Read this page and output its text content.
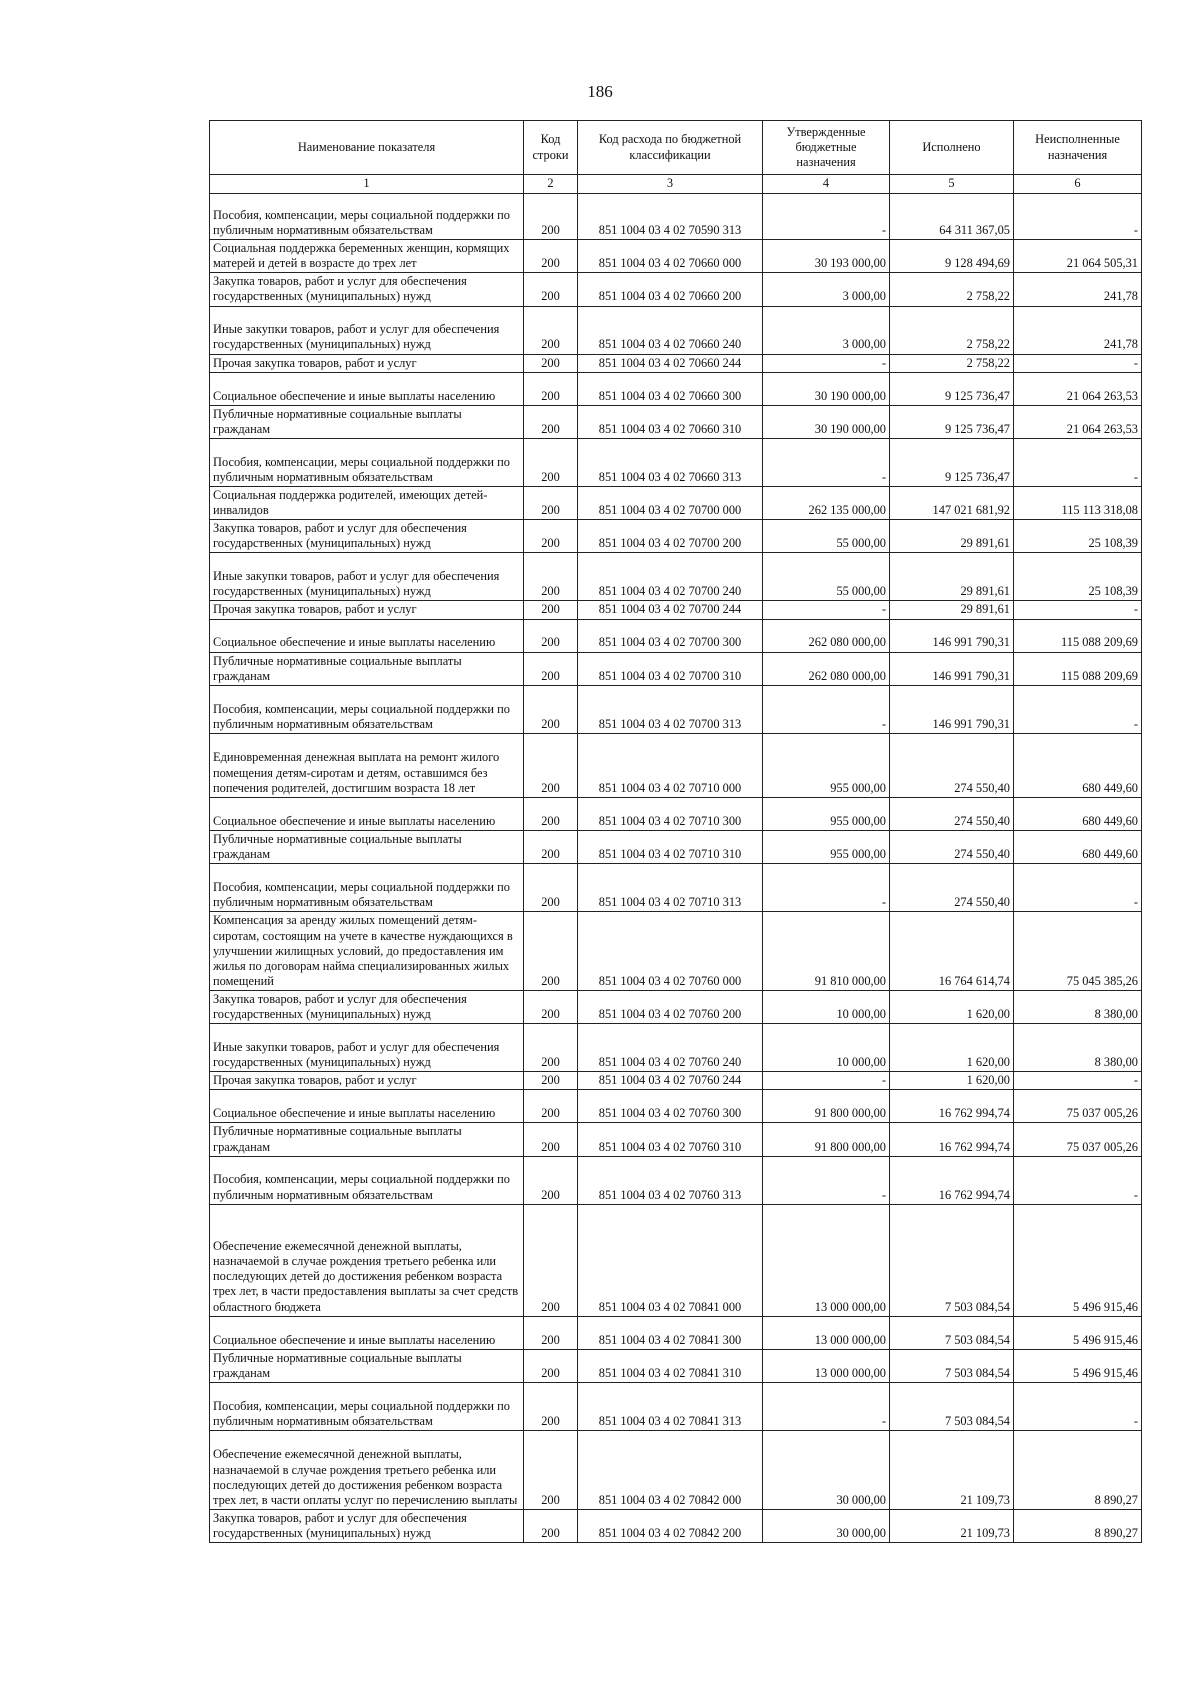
186
Наименование показателя	Код строки	Код расхода по бюджетной классификации	Утвержденные бюджетные назначения	Исполнено	Неисполненные назначения
1	2	3	4	5	6
Пособия, компенсации, меры социальной поддержки по публичным нормативным обязательствам	200	851 1004 03 4 02 70590 313	-	64 311 367,05	-
Социальная поддержка беременных женщин, кормящих матерей и детей в возрасте до трех лет	200	851 1004 03 4 02 70660 000	30 193 000,00	9 128 494,69	21 064 505,31
Закупка товаров, работ и услуг для обеспечения государственных (муниципальных) нужд	200	851 1004 03 4 02 70660 200	3 000,00	2 758,22	241,78
Иные закупки товаров, работ и услуг для обеспечения государственных (муниципальных) нужд	200	851 1004 03 4 02 70660 240	3 000,00	2 758,22	241,78
Прочая закупка товаров, работ и услуг	200	851 1004 03 4 02 70660 244	-	2 758,22	-
Социальное обеспечение и иные выплаты населению	200	851 1004 03 4 02 70660 300	30 190 000,00	9 125 736,47	21 064 263,53
Публичные нормативные социальные выплаты гражданам	200	851 1004 03 4 02 70660 310	30 190 000,00	9 125 736,47	21 064 263,53
Пособия, компенсации, меры социальной поддержки по публичным нормативным обязательствам	200	851 1004 03 4 02 70660 313	-	9 125 736,47	-
Социальная поддержка родителей, имеющих детей-инвалидов	200	851 1004 03 4 02 70700 000	262 135 000,00	147 021 681,92	115 113 318,08
Закупка товаров, работ и услуг для обеспечения государственных (муниципальных) нужд	200	851 1004 03 4 02 70700 200	55 000,00	29 891,61	25 108,39
Иные закупки товаров, работ и услуг для обеспечения государственных (муниципальных) нужд	200	851 1004 03 4 02 70700 240	55 000,00	29 891,61	25 108,39
Прочая закупка товаров, работ и услуг	200	851 1004 03 4 02 70700 244	-	29 891,61	-
Социальное обеспечение и иные выплаты населению	200	851 1004 03 4 02 70700 300	262 080 000,00	146 991 790,31	115 088 209,69
Публичные нормативные социальные выплаты гражданам	200	851 1004 03 4 02 70700 310	262 080 000,00	146 991 790,31	115 088 209,69
Пособия, компенсации, меры социальной поддержки по публичным нормативным обязательствам	200	851 1004 03 4 02 70700 313	-	146 991 790,31	-
Единовременная денежная выплата на ремонт жилого помещения детям-сиротам и детям, оставшимся без попечения родителей, достигшим возраста 18 лет	200	851 1004 03 4 02 70710 000	955 000,00	274 550,40	680 449,60
Социальное обеспечение и иные выплаты населению	200	851 1004 03 4 02 70710 300	955 000,00	274 550,40	680 449,60
Публичные нормативные социальные выплаты гражданам	200	851 1004 03 4 02 70710 310	955 000,00	274 550,40	680 449,60
Пособия, компенсации, меры социальной поддержки по публичным нормативным обязательствам	200	851 1004 03 4 02 70710 313	-	274 550,40	-
Компенсация за аренду жилых помещений детям-сиротам, состоящим на учете в качестве нуждающихся в улучшении жилищных условий, до предоставления им жилья по договорам найма специализированных жилых помещений	200	851 1004 03 4 02 70760 000	91 810 000,00	16 764 614,74	75 045 385,26
Закупка товаров, работ и услуг для обеспечения государственных (муниципальных) нужд	200	851 1004 03 4 02 70760 200	10 000,00	1 620,00	8 380,00
Иные закупки товаров, работ и услуг для обеспечения государственных (муниципальных) нужд	200	851 1004 03 4 02 70760 240	10 000,00	1 620,00	8 380,00
Прочая закупка товаров, работ и услуг	200	851 1004 03 4 02 70760 244	-	1 620,00	-
Социальное обеспечение и иные выплаты населению	200	851 1004 03 4 02 70760 300	91 800 000,00	16 762 994,74	75 037 005,26
Публичные нормативные социальные выплаты гражданам	200	851 1004 03 4 02 70760 310	91 800 000,00	16 762 994,74	75 037 005,26
Пособия, компенсации, меры социальной поддержки по публичным нормативным обязательствам	200	851 1004 03 4 02 70760 313	-	16 762 994,74	-
Обеспечение ежемесячной денежной выплаты, назначаемой в случае рождения третьего ребенка или последующих детей до достижения ребенком возраста трех лет, в части предоставления выплаты за счет средств областного бюджета	200	851 1004 03 4 02 70841 000	13 000 000,00	7 503 084,54	5 496 915,46
Социальное обеспечение и иные выплаты населению	200	851 1004 03 4 02 70841 300	13 000 000,00	7 503 084,54	5 496 915,46
Публичные нормативные социальные выплаты гражданам	200	851 1004 03 4 02 70841 310	13 000 000,00	7 503 084,54	5 496 915,46
Пособия, компенсации, меры социальной поддержки по публичным нормативным обязательствам	200	851 1004 03 4 02 70841 313	-	7 503 084,54	-
Обеспечение ежемесячной денежной выплаты, назначаемой в случае рождения третьего ребенка или последующих детей до достижения ребенком возраста трех лет, в части оплаты услуг по перечислению выплаты	200	851 1004 03 4 02 70842 000	30 000,00	21 109,73	8 890,27
Закупка товаров, работ и услуг для обеспечения государственных (муниципальных) нужд	200	851 1004 03 4 02 70842 200	30 000,00	21 109,73	8 890,27
